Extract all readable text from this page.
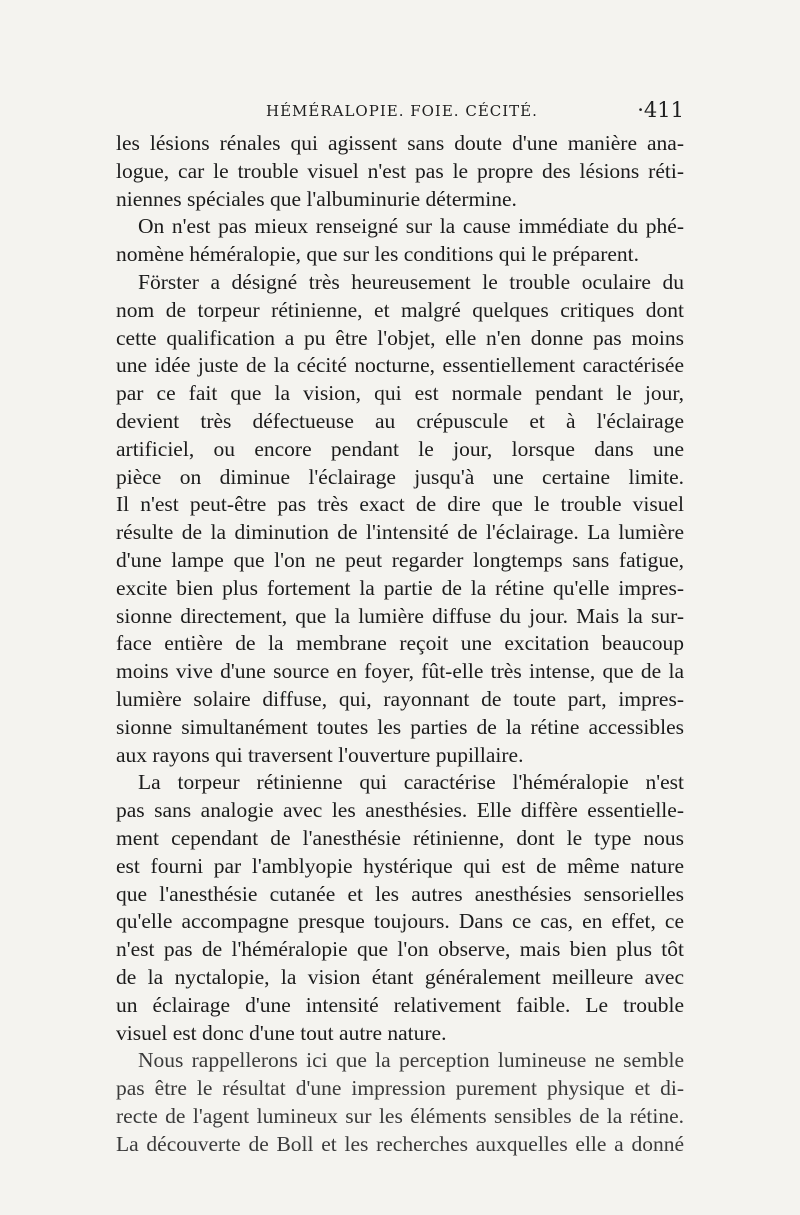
HÉMÉRALOPIE. FOIE. CÉCITÉ.	·411
les lésions rénales qui agissent sans doute d'une manière ana-
logue, car le trouble visuel n'est pas le propre des lésions réti-
niennes spéciales que l'albuminurie détermine.
On n'est pas mieux renseigné sur la cause immédiate du phé-
nomène héméralopie, que sur les conditions qui le préparent.
Förster a désigné très heureusement le trouble oculaire du
nom de torpeur rétinienne, et malgré quelques critiques dont
cette qualification a pu être l'objet, elle n'en donne pas moins
une idée juste de la cécité nocturne, essentiellement caractérisée
par ce fait que la vision, qui est normale pendant le jour,
devient très défectueuse au crépuscule et à l'éclairage
artificiel, ou encore pendant le jour, lorsque dans une
pièce on diminue l'éclairage jusqu'à une certaine limite.
Il n'est peut-être pas très exact de dire que le trouble visuel
résulte de la diminution de l'intensité de l'éclairage. La lumière
d'une lampe que l'on ne peut regarder longtemps sans fatigue,
excite bien plus fortement la partie de la rétine qu'elle impres-
sionne directement, que la lumière diffuse du jour. Mais la sur-
face entière de la membrane reçoit une excitation beaucoup
moins vive d'une source en foyer, fût-elle très intense, que de la
lumière solaire diffuse, qui, rayonnant de toute part, impres-
sionne simultanément toutes les parties de la rétine accessibles
aux rayons qui traversent l'ouverture pupillaire.
La torpeur rétinienne qui caractérise l'héméralopie n'est
pas sans analogie avec les anesthésies. Elle diffère essentielle-
ment cependant de l'anesthésie rétinienne, dont le type nous
est fourni par l'amblyopie hystérique qui est de même nature
que l'anesthésie cutanée et les autres anesthésies sensorielles
qu'elle accompagne presque toujours. Dans ce cas, en effet, ce
n'est pas de l'héméralopie que l'on observe, mais bien plus tôt
de la nyctalopie, la vision étant généralement meilleure avec
un éclairage d'une intensité relativement faible. Le trouble
visuel est donc d'une tout autre nature.
Nous rappellerons ici que la perception lumineuse ne semble
pas être le résultat d'une impression purement physique et di-
recte de l'agent lumineux sur les éléments sensibles de la rétine.
La découverte de Boll et les recherches auxquelles elle a donné
